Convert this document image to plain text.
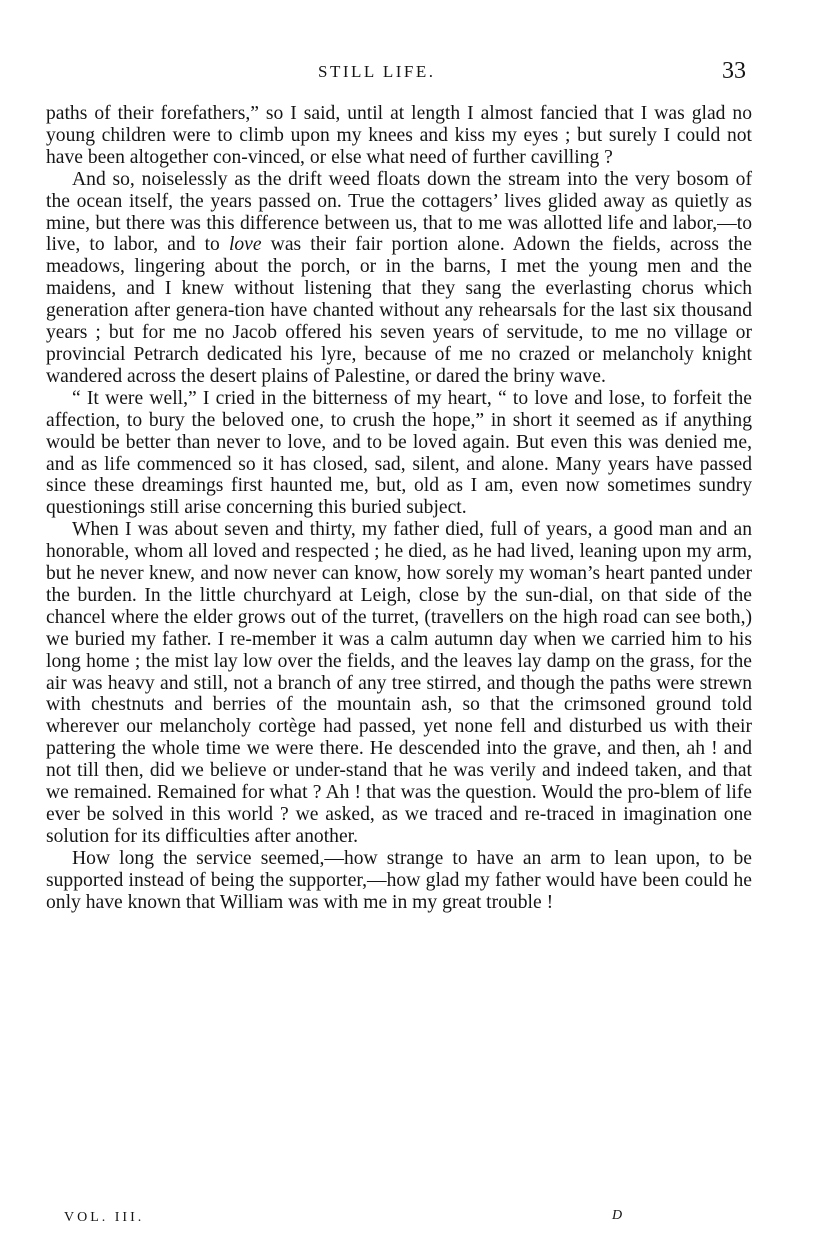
STILL LIFE.	33

paths of their forefathers,” so I said, until at length I almost fancied that I was glad no young children were to climb upon my knees and kiss my eyes ; but surely I could not have been altogether con-vinced, or else what need of further cavilling ?

And so, noiselessly as the drift weed floats down the stream into the very bosom of the ocean itself, the years passed on. True the cottagers’ lives glided away as quietly as mine, but there was this difference between us, that to me was allotted life and labor,—to live, to labor, and to love was their fair portion alone. Adown the fields, across the meadows, lingering about the porch, or in the barns, I met the young men and the maidens, and I knew without listening that they sang the everlasting chorus which generation after genera-tion have chanted without any rehearsals for the last six thousand years ; but for me no Jacob offered his seven years of servitude, to me no village or provincial Petrarch dedicated his lyre, because of me no crazed or melancholy knight wandered across the desert plains of Palestine, or dared the briny wave.

“ It were well,” I cried in the bitterness of my heart, “ to love and lose, to forfeit the affection, to bury the beloved one, to crush the hope,” in short it seemed as if anything would be better than never to love, and to be loved again. But even this was denied me, and as life commenced so it has closed, sad, silent, and alone. Many years have passed since these dreamings first haunted me, but, old as I am, even now sometimes sundry questionings still arise concerning this buried subject.

When I was about seven and thirty, my father died, full of years, a good man and an honorable, whom all loved and respected ; he died, as he had lived, leaning upon my arm, but he never knew, and now never can know, how sorely my woman’s heart panted under the burden. In the little churchyard at Leigh, close by the sun-dial, on that side of the chancel where the elder grows out of the turret, (travellers on the high road can see both,) we buried my father. I re-member it was a calm autumn day when we carried him to his long home ; the mist lay low over the fields, and the leaves lay damp on the grass, for the air was heavy and still, not a branch of any tree stirred, and though the paths were strewn with chestnuts and berries of the mountain ash, so that the crimsoned ground told wherever our melancholy cortège had passed, yet none fell and disturbed us with their pattering the whole time we were there. He descended into the grave, and then, ah ! and not till then, did we believe or under-stand that he was verily and indeed taken, and that we remained. Remained for what ? Ah ! that was the question. Would the pro-blem of life ever be solved in this world ? we asked, as we traced and re-traced in imagination one solution for its difficulties after another.

How long the service seemed,—how strange to have an arm to lean upon, to be supported instead of being the supporter,—how glad my father would have been could he only have known that William was with me in my great trouble !

VOL. III.	D
